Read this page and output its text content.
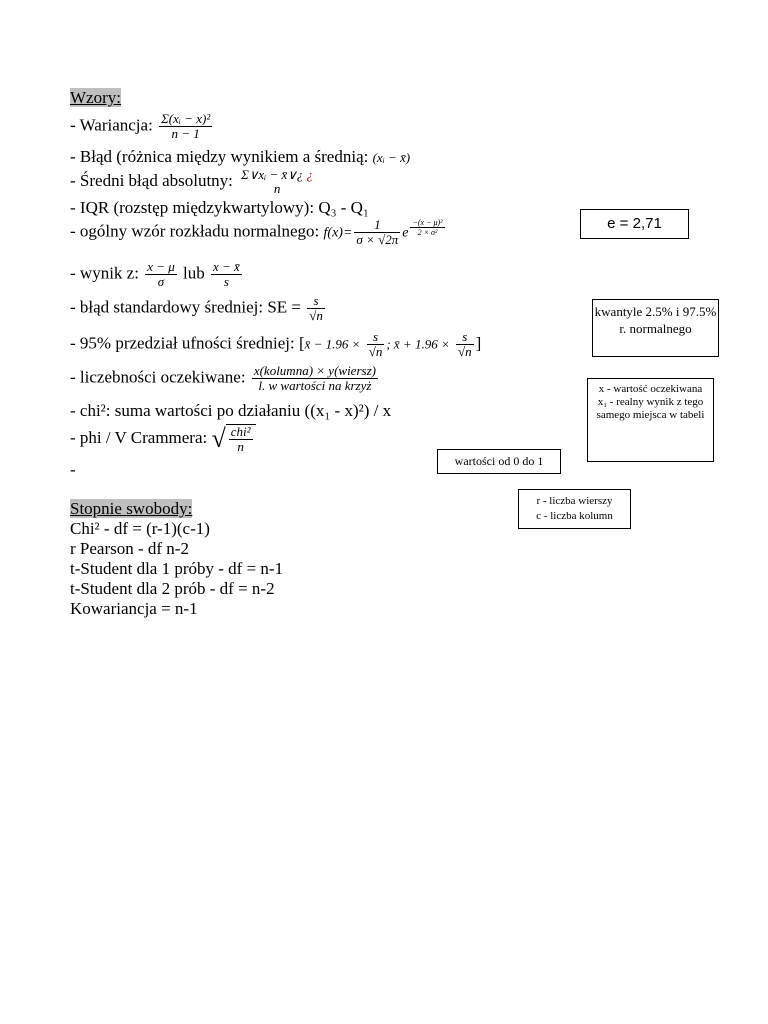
Wzory:
- Wariancja: $\frac{\text{Σ(xᵢ − x)²}}{n - 1}$
- Błąd (różnica między wynikiem a średnią: (xᵢ − x̄)
- Średni błąd absolutny: Σ∨xᵢ − x̄∨¿ ¿
n
- IQR (rozstęp międzykwartylowy): Q₃ - Q₁
- ogólny wzór rozkładu normalnego: $f(x)= \frac{1}{\sigma \times √2\pi}$ e $\frac{\text{−(x − μ)²}}{\text{2 × σ²}}$
- wynik z: $\frac{x - \mu}{\sigma}$ lub $\frac{x - x̄}{s}$
- błąd standardowy średniej: SE = $\frac{s}{√n}$
- 95% przedział ufności średniej: [x̄ − $1.96 \times \frac{s}{√n}$ ; x̄ + $1.96 \times \frac{s}{√n}$ ]
- liczebności oczekiwane: $\frac{\text{x(kolumna) × y(wiersz)}}{\text{l. w wartości na krzyż}}$
- chi²: suma wartości po działaniu ((x₁ - x)²) / x
- phi / V Crammera: √ $\frac{\text{chi²}}{n}$
-
Stopnie swobody:
Chi² - df = (r-1)(c-1)
r Pearson - df n-2
t-Student dla 1 próby - df = n-1
t-Student dla 2 prób - df = n-2
Kowariancja = n-1
e = 2,71
kwantyle 2.5% i 97.5% r. normalnego
x - wartość oczekiwana
x₁ - realny wynik z tego samego miejsca w tabeli
wartości od 0 do 1
r - liczba wierszy
c - liczba kolumn
